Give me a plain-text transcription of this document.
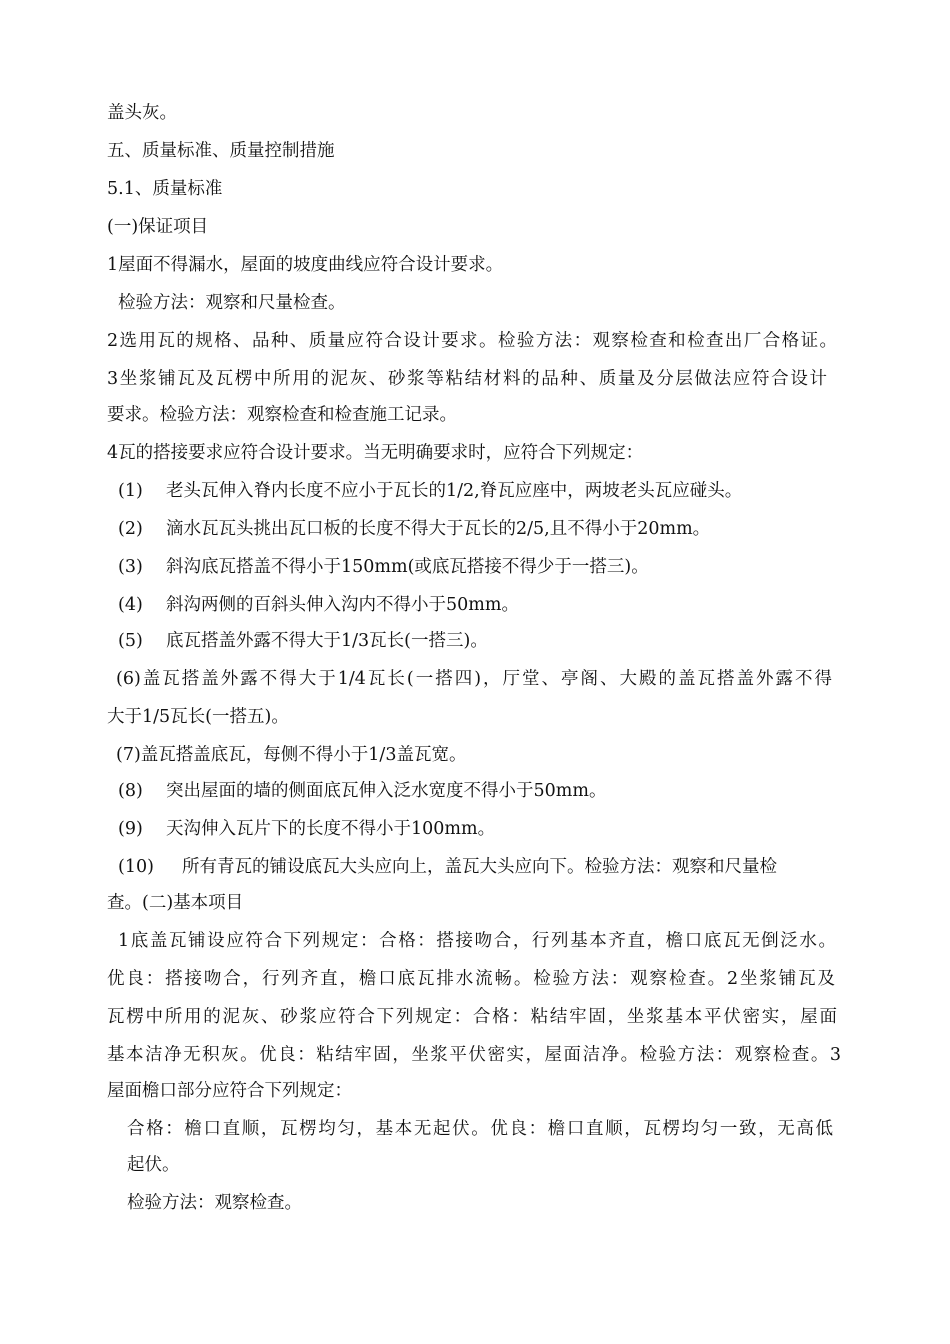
盖头灰。
五、质量标准、质量控制措施
5.1、质量标准
(一)保证项目
1屋面不得漏水，屋面的坡度曲线应符合设计要求。
检验方法：观察和尺量检查。
2选用瓦的规格、品种、质量应符合设计要求。检验方法：观察检查和检查出厂合格证。
3坐浆铺瓦及瓦楞中所用的泥灰、砂浆等粘结材料的品种、质量及分层做法应符合设计
要求。检验方法：观察检查和检查施工记录。
4瓦的搭接要求应符合设计要求。当无明确要求时，应符合下列规定：
(1) 老头瓦伸入脊内长度不应小于瓦长的1/2,脊瓦应座中，两坡老头瓦应碰头。
(2) 滴水瓦瓦头挑出瓦口板的长度不得大于瓦长的2/5,且不得小于20mm。
(3) 斜沟底瓦搭盖不得小于150mm(或底瓦搭接不得少于一搭三)。
(4) 斜沟两侧的百斜头伸入沟内不得小于50mm。
(5) 底瓦搭盖外露不得大于1/3瓦长(一搭三)。
(6)盖瓦搭盖外露不得大于1/4瓦长(一搭四)，厅堂、亭阁、大殿的盖瓦搭盖外露不得
大于1/5瓦长(一搭五)。
(7)盖瓦搭盖底瓦，每侧不得小于1/3盖瓦宽。
(8) 突出屋面的墙的侧面底瓦伸入泛水宽度不得小于50mm。
(9) 天沟伸入瓦片下的长度不得小于100mm。
(10) 所有青瓦的铺设底瓦大头应向上，盖瓦大头应向下。检验方法：观察和尺量检
查。(二)基本项目
1底盖瓦铺设应符合下列规定：合格：搭接吻合，行列基本齐直，檐口底瓦无倒泛水。
优良：搭接吻合，行列齐直，檐口底瓦排水流畅。检验方法：观察检查。2坐浆铺瓦及
瓦楞中所用的泥灰、砂浆应符合下列规定：合格：粘结牢固，坐浆基本平伏密实，屋面
基本洁净无积灰。优良：粘结牢固，坐浆平伏密实，屋面洁净。检验方法：观察检查。3
屋面檐口部分应符合下列规定：
合格：檐口直顺，瓦楞均匀，基本无起伏。优良：檐口直顺，瓦楞均匀一致，无高低
起伏。
检验方法：观察检查。
